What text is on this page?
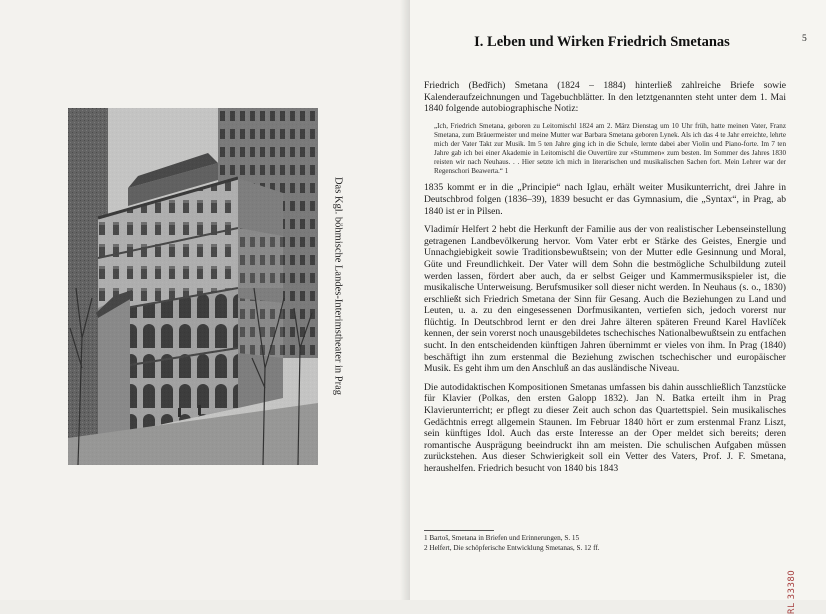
Das Kgl. böhmische Landes-Interimstheater in Prag
5
I. Leben und Wirken Friedrich Smetanas

Friedrich (Bedřich) Smetana (1824 – 1884) hinterließ zahlreiche Briefe sowie Kalenderaufzeichnungen und Tagebuchblätter. In den letztgenannten steht unter dem 1. Mai 1840 folgende autobiographische Notiz:

„Ich, Friedrich Smetana, geboren zu Leitomischl 1824 am 2. März Dienstag um 10 Uhr früh, hatte meinen Vater, Franz Smetana, zum Bräuermeister und meine Mutter war Barbara Smetana geboren Lynek. Als ich das 4 te Jahr erreichte, lehrte mich der Vater Takt zur Musik. Im 5 ten Jahre ging ich in die Schule, lernte dabei aber Violin und Piano-forte. Im 7 ten Jahre gab ich bei einer Akademie in Leitomischl die Ouvertüre zur »Stummen« zum besten. Im Sommer des Jahres 1830 reisten wir nach Neuhaus. . . Hier setzte ich mich in literarischen und musikalischen Sachen fort. Mein Lehrer war der Regenschori Beawerta.“ 1

1835 kommt er in die „Principie“ nach Iglau, erhält weiter Musikunterricht, drei Jahre in Deutschbrod folgen (1836–39), 1839 besucht er das Gymnasium, die „Syntax“, in Prag, ab 1840 ist er in Pilsen.

Vladimír Helfert 2 hebt die Herkunft der Familie aus der von realistischer Lebenseinstellung getragenen Landbevölkerung hervor. Vom Vater erbt er Stärke des Geistes, Energie und Unnachgiebigkeit sowie Traditionsbewußtsein; von der Mutter edle Gesinnung und Moral, Güte und Freundlichkeit. Der Vater will dem Sohn die bestmögliche Schulbildung zuteil werden lassen, fördert aber auch, da er selbst Geiger und Kammermusikspieler ist, die musikalische Unterweisung. Berufsmusiker soll dieser nicht werden. In Neuhaus (s. o., 1830) erschließt sich Friedrich Smetana der Sinn für Gesang. Auch die Beziehungen zu Land und Leuten, u. a. zu den eingesessenen Dorfmusikanten, vertiefen sich, jedoch vorerst nur flüchtig. In Deutschbrod lernt er den drei Jahre älteren späteren Freund Karel Havlíček kennen, der sein vorerst noch unausgebildetes tschechisches Nationalbewußtsein zu entfachen sucht. In den entscheidenden künftigen Jahren übernimmt er vieles von ihm. In Prag (1840) beschäftigt ihn zum erstenmal die Beziehung zwischen tschechischer und europäischer Musik. Es geht ihm um den Anschluß an das ausländische Niveau.

Die autodidaktischen Kompositionen Smetanas umfassen bis dahin ausschließlich Tanzstücke für Klavier (Polkas, den ersten Galopp 1832). Jan N. Batka erteilt ihm in Prag Klavierunterricht; er pflegt zu dieser Zeit auch schon das Quartettspiel. Sein musikalisches Gedächtnis erregt allgemein Staunen. Im Februar 1840 hört er zum erstenmal Franz Liszt, sein künftiges Idol. Auch das erste Interesse an der Oper meldet sich bereits; deren romantische Ausprägung beeindruckt ihn am meisten. Die schulischen Aufgaben müssen zurückstehen. Aus dieser Schwierigkeit soll ein Vetter des Vaters, Prof. J. F. Smetana, heraushelfen. Friedrich besucht von 1840 bis 1843

1 Bartoš, Smetana in Briefen und Erinnerungen, S. 15

2 Helfert, Die schöpferische Entwicklung Smetanas, S. 12 ff.

RL 33380
